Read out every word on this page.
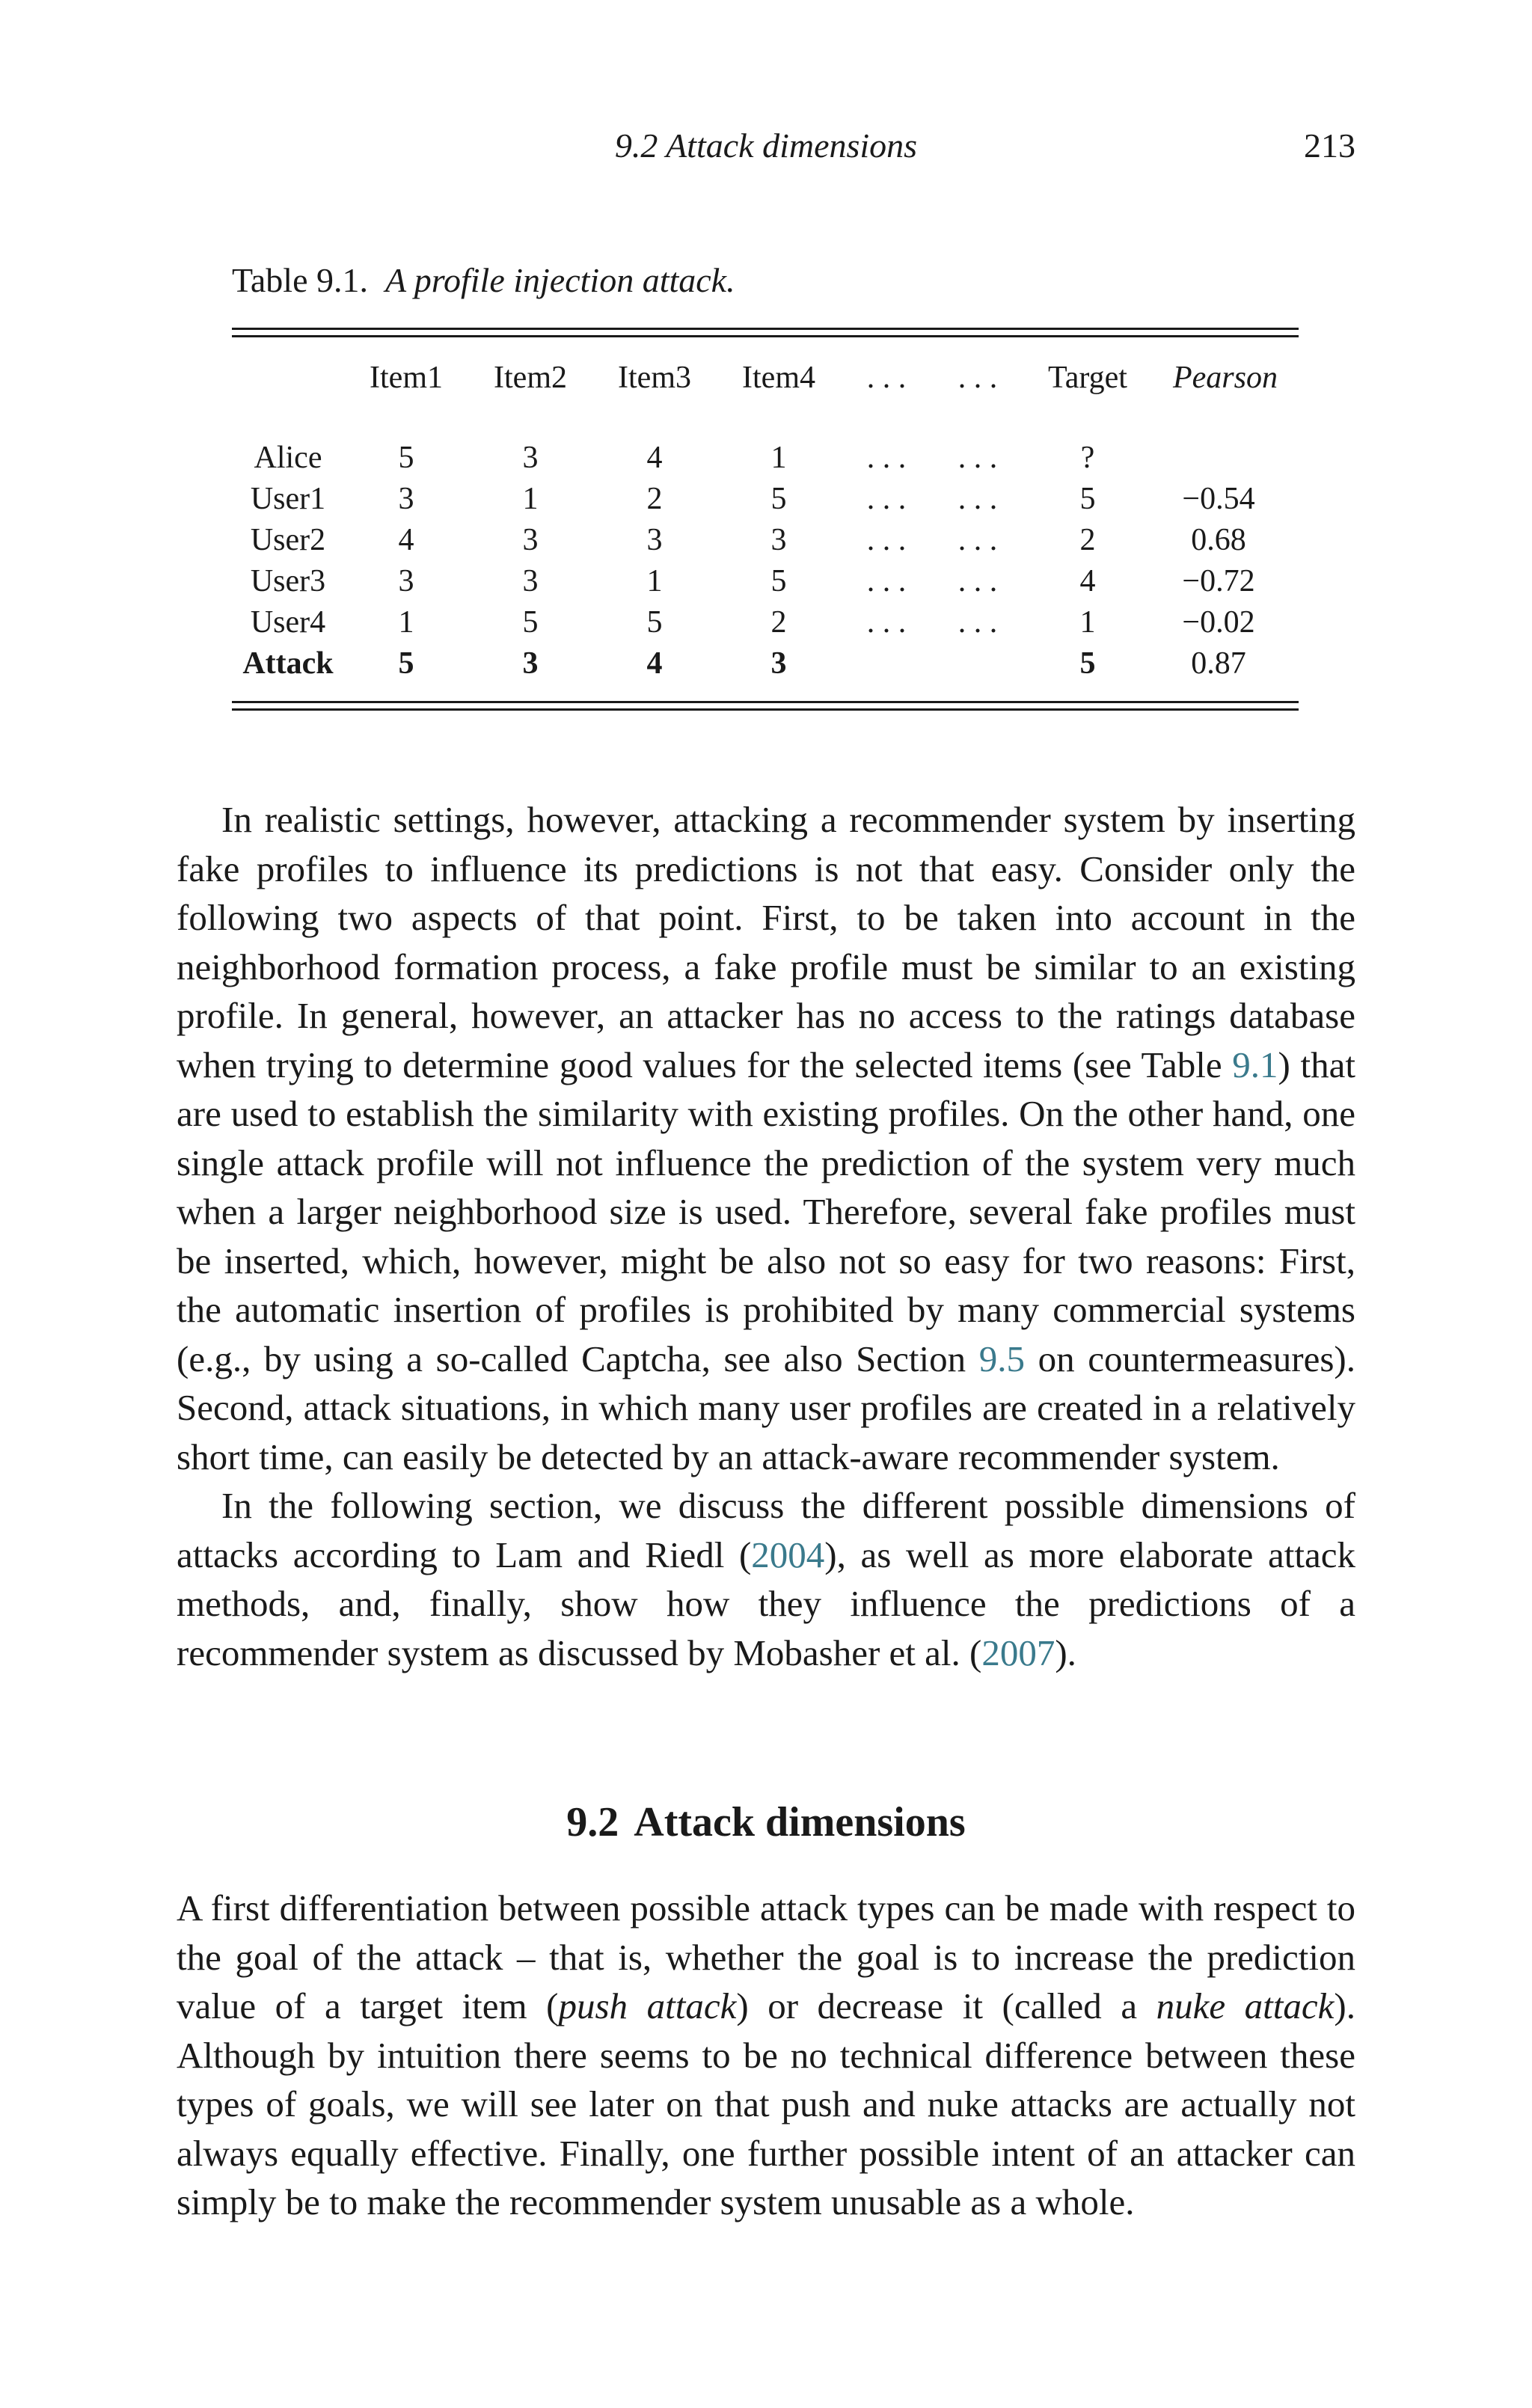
9.2 Attack dimensions	213
Table 9.1. A profile injection attack.
	Item1	Item2	Item3	Item4	. . .	. . .	Target	Pearson
Alice	5	3	4	1	. . .	. . .	?	
User1	3	1	2	5	. . .	. . .	5	−0.54
User2	4	3	3	3	. . .	. . .	2	0.68
User3	3	3	1	5	. . .	. . .	4	−0.72
User4	1	5	5	2	. . .	. . .	1	−0.02
Attack	5	3	4	3			5	0.87

In realistic settings, however, attacking a recommender system by inserting fake profiles to influence its predictions is not that easy. Consider only the following two aspects of that point. First, to be taken into account in the neighborhood formation process, a fake profile must be similar to an existing profile. In general, however, an attacker has no access to the ratings database when trying to determine good values for the selected items (see Table 9.1) that are used to establish the similarity with existing profiles. On the other hand, one single attack profile will not influence the prediction of the system very much when a larger neighborhood size is used. Therefore, several fake profiles must be inserted, which, however, might be also not so easy for two reasons: First, the automatic insertion of profiles is prohibited by many commercial systems (e.g., by using a so-called Captcha, see also Section 9.5 on countermeasures). Second, attack situations, in which many user profiles are created in a relatively short time, can easily be detected by an attack-aware recommender system.

In the following section, we discuss the different possible dimensions of attacks according to Lam and Riedl (2004), as well as more elaborate attack methods, and, finally, show how they influence the predictions of a recommender system as discussed by Mobasher et al. (2007).

9.2 Attack dimensions

A first differentiation between possible attack types can be made with respect to the goal of the attack – that is, whether the goal is to increase the prediction value of a target item (push attack) or decrease it (called a nuke attack). Although by intuition there seems to be no technical difference between these types of goals, we will see later on that push and nuke attacks are actually not always equally effective. Finally, one further possible intent of an attacker can simply be to make the recommender system unusable as a whole.
